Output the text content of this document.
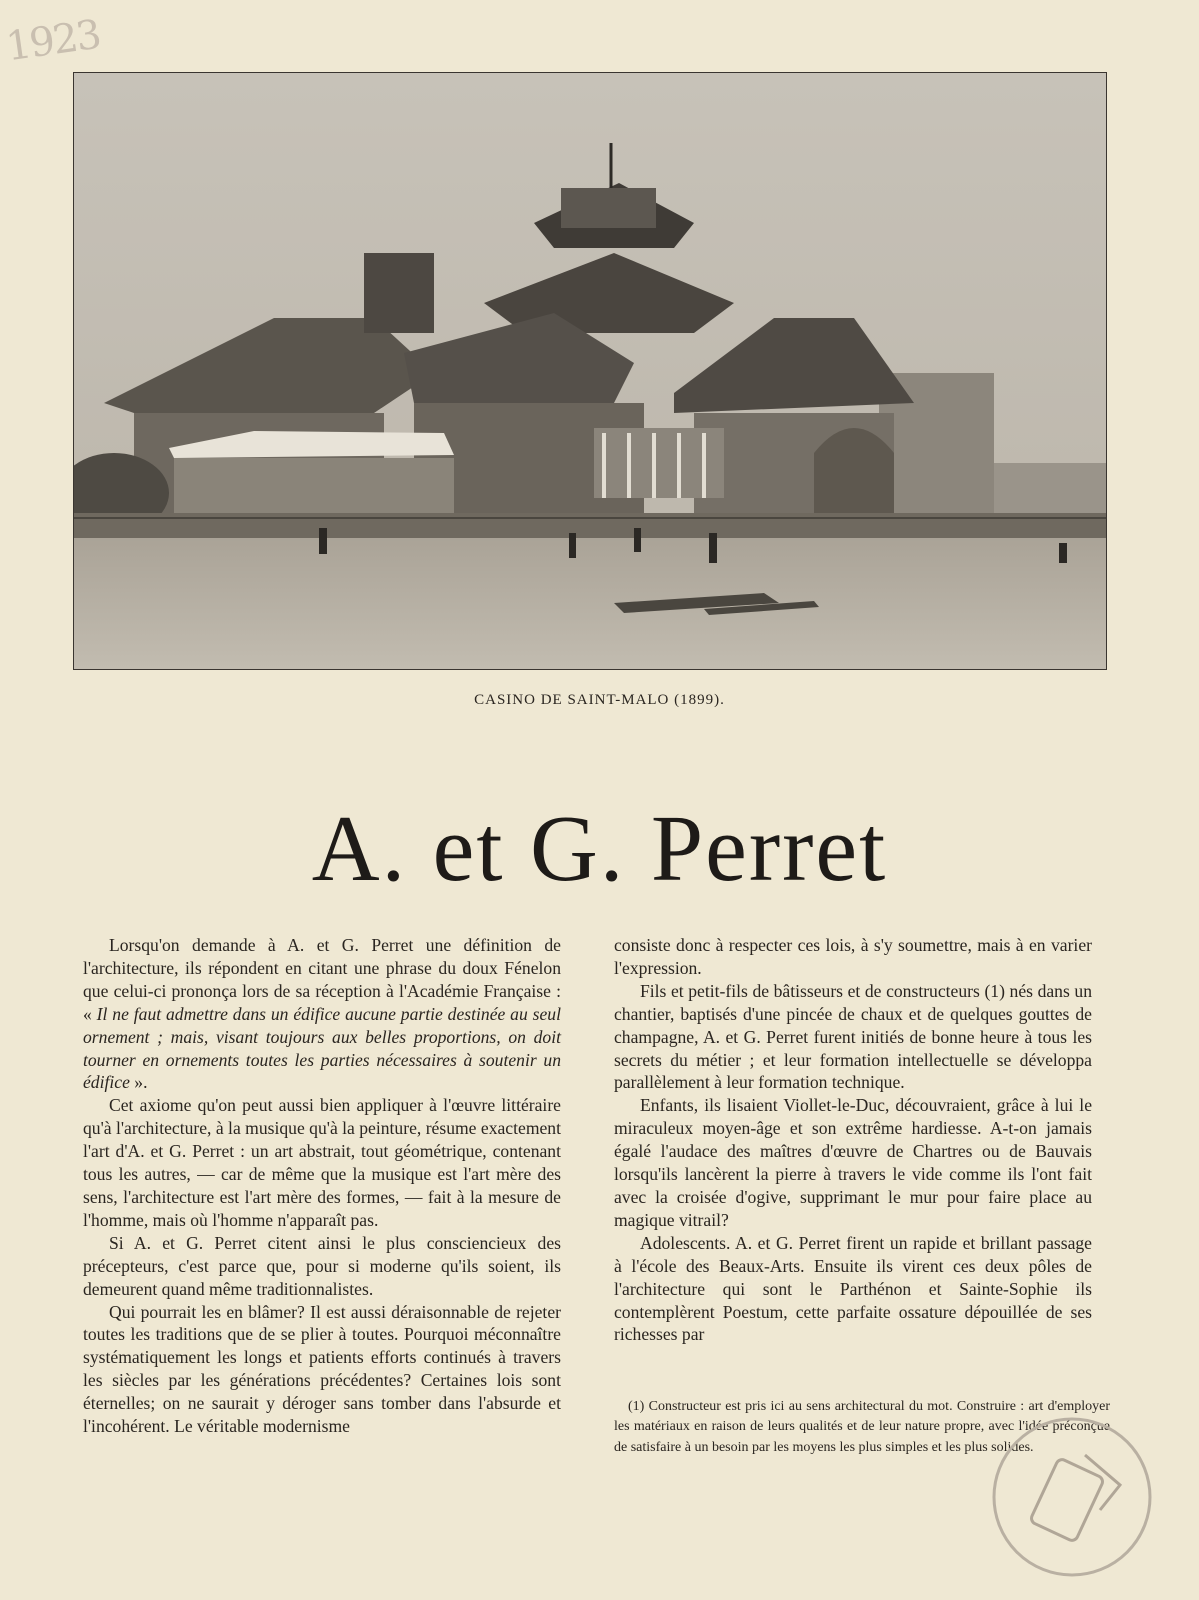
1923
CASINO DE SAINT-MALO (1899).
A. et G. Perret

Lorsqu'on demande à A. et G. Perret une définition de l'architecture, ils répondent en citant une phrase du doux Fénelon que celui-ci prononça lors de sa réception à l'Académie Française : « Il ne faut admettre dans un édifice aucune partie destinée au seul ornement ; mais, visant toujours aux belles proportions, on doit tourner en ornements toutes les parties nécessaires à soutenir un édifice ».

Cet axiome qu'on peut aussi bien appliquer à l'œuvre littéraire qu'à l'architecture, à la musique qu'à la peinture, résume exactement l'art d'A. et G. Perret : un art abstrait, tout géométrique, contenant tous les autres, — car de même que la musique est l'art mère des sens, l'architecture est l'art mère des formes, — fait à la mesure de l'homme, mais où l'homme n'apparaît pas.

Si A. et G. Perret citent ainsi le plus consciencieux des précepteurs, c'est parce que, pour si moderne qu'ils soient, ils demeurent quand même traditionnalistes.

Qui pourrait les en blâmer? Il est aussi déraisonnable de rejeter toutes les traditions que de se plier à toutes. Pourquoi méconnaître systématiquement les longs et patients efforts continués à travers les siècles par les générations précédentes? Certaines lois sont éternelles; on ne saurait y déroger sans tomber dans l'absurde et l'incohérent. Le véritable modernisme

consiste donc à respecter ces lois, à s'y soumettre, mais à en varier l'expression.

Fils et petit-fils de bâtisseurs et de constructeurs (1) nés dans un chantier, baptisés d'une pincée de chaux et de quelques gouttes de champagne, A. et G. Perret furent initiés de bonne heure à tous les secrets du métier ; et leur formation intellectuelle se développa parallèlement à leur formation technique.

Enfants, ils lisaient Viollet-le-Duc, découvraient, grâce à lui le miraculeux moyen-âge et son extrême hardiesse. A-t-on jamais égalé l'audace des maîtres d'œuvre de Chartres ou de Bauvais lorsqu'ils lancèrent la pierre à travers le vide comme ils l'ont fait avec la croisée d'ogive, supprimant le mur pour faire place au magique vitrail?

Adolescents. A. et G. Perret firent un rapide et brillant passage à l'école des Beaux-Arts. Ensuite ils virent ces deux pôles de l'architecture qui sont le Parthénon et Sainte-Sophie ils contemplèrent Poestum, cette parfaite ossature dépouillée de ses richesses par

(1) Constructeur est pris ici au sens architectural du mot. Construire : art d'employer les matériaux en raison de leurs qualités et de leur nature propre, avec l'idée préconçue de satisfaire à un besoin par les moyens les plus simples et les plus solides.
